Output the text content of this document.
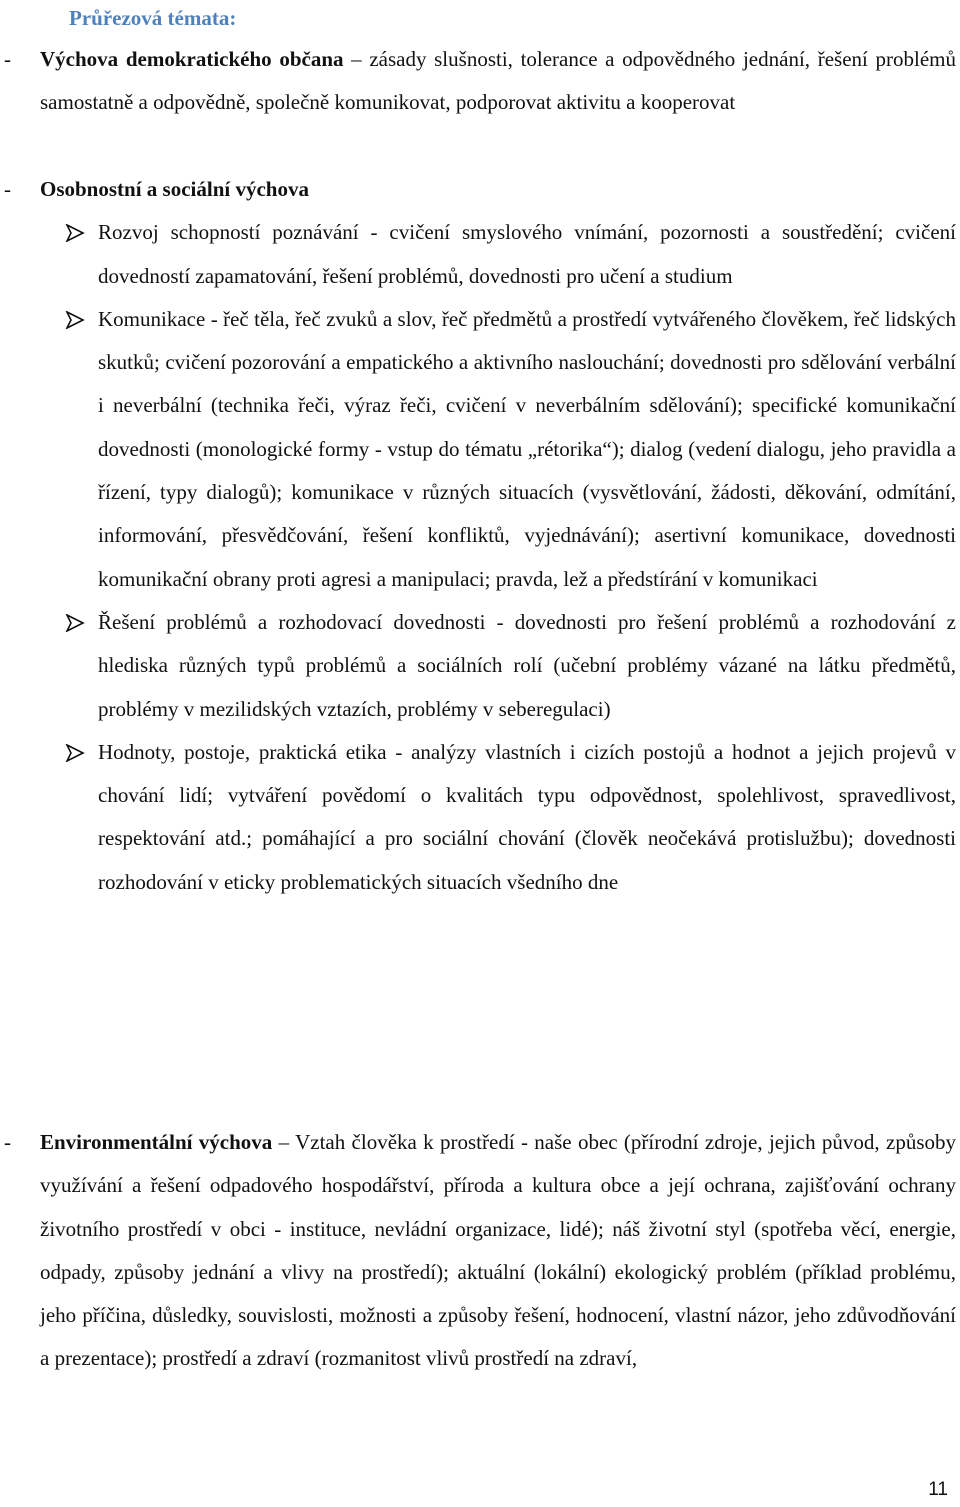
Průřezová témata:
- Výchova demokratického občana – zásady slušnosti, tolerance a odpovědného jednání, řešení problémů samostatně a odpovědně, společně komunikovat, podporovat aktivitu a kooperovat

- Osobnostní a sociální výchova

Rozvoj schopností poznávání - cvičení smyslového vnímání, pozornosti a soustředění; cvičení dovedností zapamatování, řešení problémů, dovednosti pro učení a studium

Komunikace - řeč těla, řeč zvuků a slov, řeč předmětů a prostředí vytvářeného člověkem, řeč lidských skutků; cvičení pozorování a empatického a aktivního naslouchání; dovednosti pro sdělování verbální i neverbální (technika řeči, výraz řeči, cvičení v neverbálním sdělování); specifické komunikační dovednosti (monologické formy - vstup do tématu „rétorika“); dialog (vedení dialogu, jeho pravidla a řízení, typy dialogů); komunikace v různých situacích (vysvětlování, žádosti, děkování, odmítání, informování, přesvědčování, řešení konfliktů, vyjednávání); asertivní komunikace, dovednosti komunikační obrany proti agresi a manipulaci; pravda, lež a předstírání v komunikaci

Řešení problémů a rozhodovací dovednosti - dovednosti pro řešení problémů a rozhodování z hlediska různých typů problémů a sociálních rolí (učební problémy vázané na látku předmětů, problémy v mezilidských vztazích, problémy v seberegulaci)

Hodnoty, postoje, praktická etika - analýzy vlastních i cizích postojů a hodnot a jejich projevů v chování lidí; vytváření povědomí o kvalitách typu odpovědnost, spolehlivost, spravedlivost, respektování atd.; pomáhající a pro sociální chování (člověk neočekává protislužbu); dovednosti rozhodování v eticky problematických situacích všedního dne

- Environmentální výchova – Vztah člověka k prostředí - naše obec (přírodní zdroje, jejich původ, způsoby využívání a řešení odpadového hospodářství, příroda a kultura obce a její ochrana, zajišťování ochrany životního prostředí v obci - instituce, nevládní organizace, lidé); náš životní styl (spotřeba věcí, energie, odpady, způsoby jednání a vlivy na prostředí); aktuální (lokální) ekologický problém (příklad problému, jeho příčina, důsledky, souvislosti, možnosti a způsoby řešení, hodnocení, vlastní názor, jeho zdůvodňování a prezentace); prostředí a zdraví (rozmanitost vlivů prostředí na zdraví,

11
